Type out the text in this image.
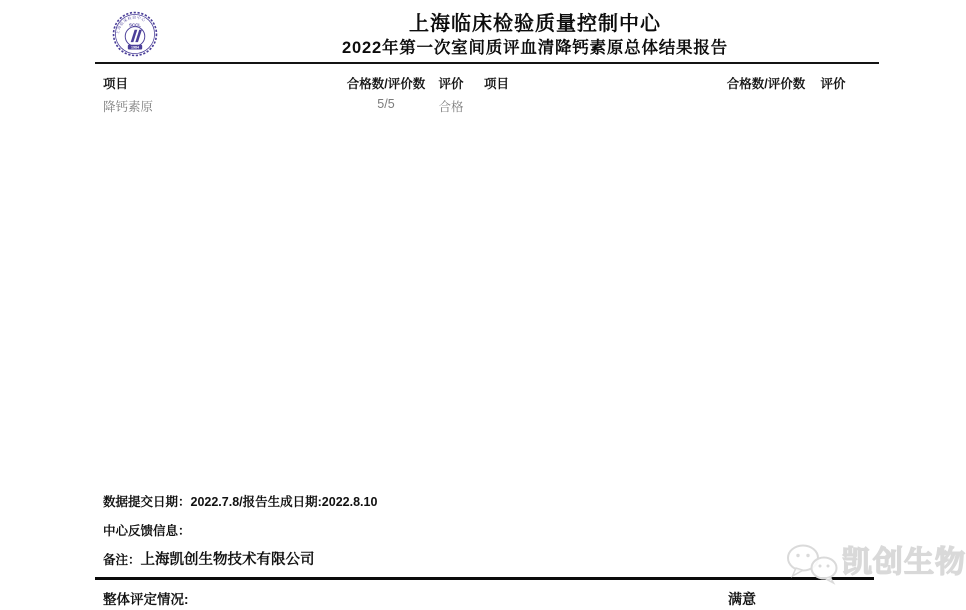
上海临床检验中心
SCCL
1984
上海临床检验质量控制中心
2022年第一次室间质评血清降钙素原总体结果报告
项目	合格数/评价数	评价	项目	合格数/评价数	评价
降钙素原	5/5	合格
数据提交日期：2022.7.8/报告生成日期:2022.8.10
中心反馈信息：
备注：上海凯创生物技术有限公司
整体评定情况:	满意
凯创生物
